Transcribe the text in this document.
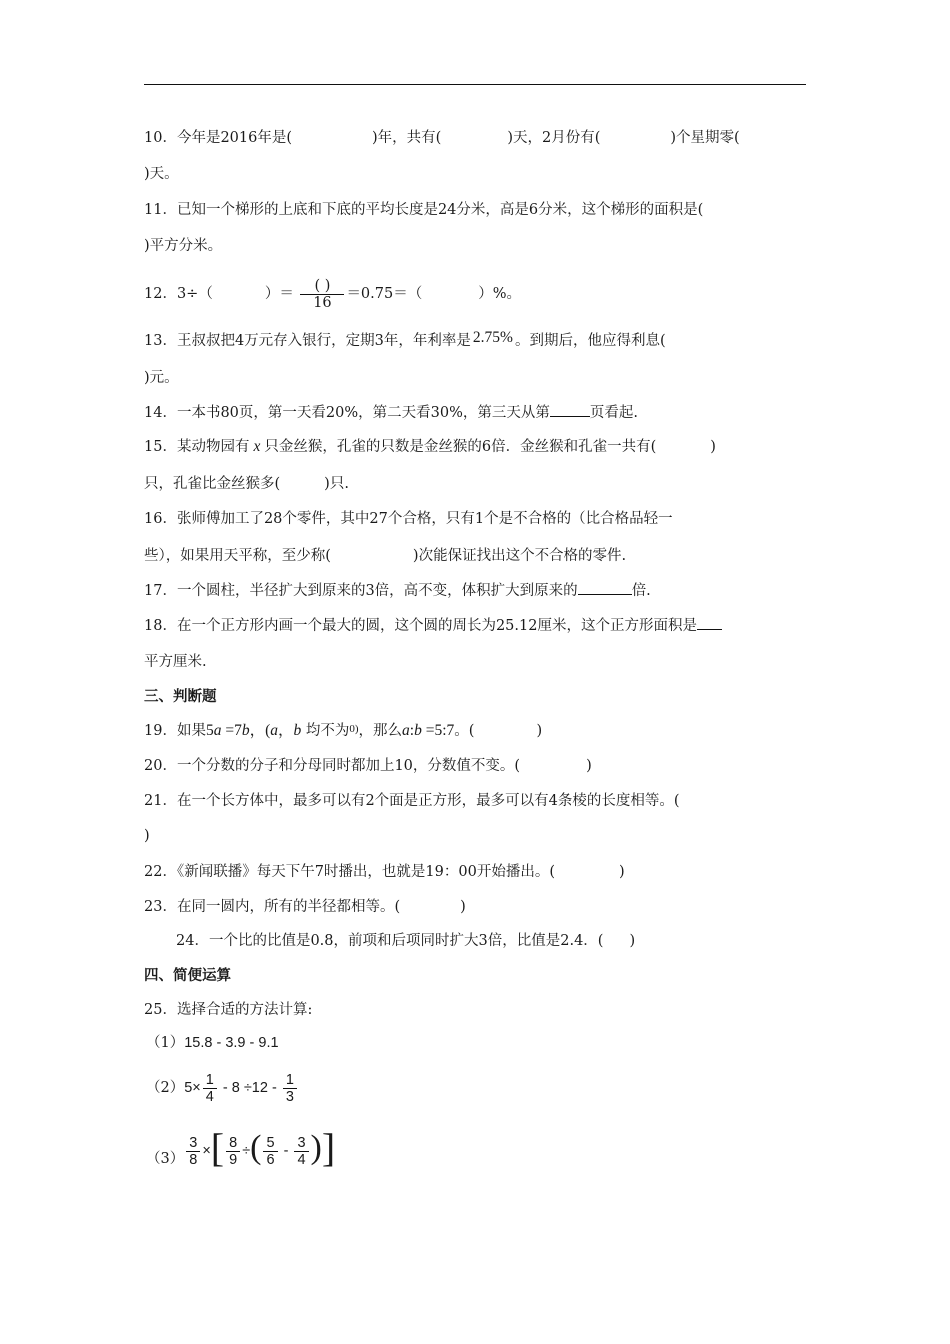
10．今年是2016年是(	)年，共有(	)天，2月份有(	)个星期零(
)天。
11．已知一个梯形的上底和下底的平均长度是24分米，高是6分米，这个梯形的面积是(
)平方分米。
12．3÷（	）＝ $\frac{( )}{16} =0.75=$（	）%。
13．王叔叔把4万元存入银行，定期3年，年利率是 2.75% 。到期后，他应得利息(
)元。
14．一本书80页，第一天看20%，第二天看30%，第三天从第	页看起.
15．某动物园有 x 只金丝猴，孔雀的只数是金丝猴的6倍．金丝猴和孔雀一共有(	)
只，孔雀比金丝猴多(	)只.
16．张师傅加工了28个零件，其中27个合格，只有1个是不合格的（比合格品轻一
些），如果用天平称，至少称(	)次能保证找出这个不合格的零件.
17．一个圆柱，半径扩大到原来的3倍，高不变，体积扩大到原来的	倍.
18．在一个正方形内画一个最大的圆，这个圆的周长为25.12厘米，这个正方形面积是
平方厘米.
三、判断题
19．如果5a =7b，(a，b 均不为$^{0)}$，那么a:b =5:7。(	)
20．一个分数的分子和分母同时都加上10，分数值不变。(	)
21．在一个长方体中，最多可以有2个面是正方形，最多可以有4条棱的长度相等。(
)
22．《新闻联播》每天下午7时播出，也就是19：00开始播出。(	)
23．在同一圆内，所有的半径都相等。(	)
24．一个比的比值是0.8，前项和后项同时扩大3倍，比值是2.4．( )
四、简便运算
25．选择合适的方法计算:
（1）15.8 - 3.9 - 9.1
$(2)5\times \frac{1}{4} - 8 \div 12 - \frac{1}{3}$
$(3) \frac{3}{8}$ ×[ $\frac{8}{9}$ ÷( $\frac{5}{6} - \frac{3}{4}$ )]
